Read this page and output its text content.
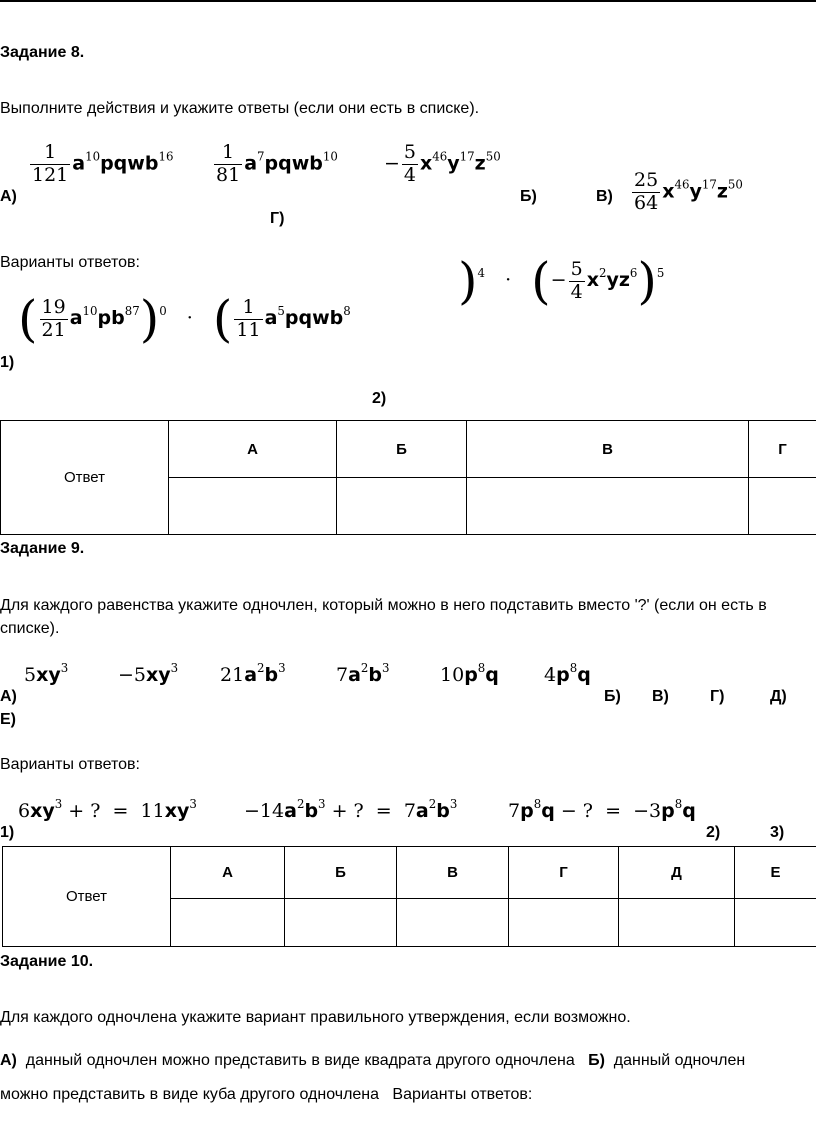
Задание 8.
Выполните действия и укажите ответы (если они есть в списке).
$\frac{1}{121}$ $a^{10}pqwb^{16} \frac{1}{81}$ $a^7pqwb^{10} - \frac{5}{4} x^{46}y^{17}z^{50}$
$\frac{25}{64} x^{46}y^{17}z^{50}$
А)	Б)	В)
Г)
Варианты ответов:	)$^4$ · (− $\frac{5}{4} x^2yz^6)^5$
( $\frac{19}{21} a^{10}pb^{87})^0$ · ( $\frac{1}{11}$ $a^5pqwb^8$
1)
2)
Ответ	А	Б	В	Г

Задание 9.
Для каждого равенства укажите одночлен, который можно в него подставить вместо '?' (если он есть в
списке).
$5xy^3$	$-5xy^3$ $21a^2b^3$	$7a^2b^3$	$10p^8q$ $4p^8q$
А)	Б) В)	Г)	Д)
Е)
Варианты ответов:
$6xy^3$ + ?  =  $11xy^3 -14a^2b^3$ + ?  =  $7a^2b^3$	$7p^8q$ − ?  =  $-3p^8q$
1)	2)	3)
Ответ	А	Б	В	Г	Д	Е

Задание 10.
Для каждого одночлена укажите вариант правильного утверждения, если возможно.
А) данный одночлен можно представить в виде квадрата другого одночлена Б) данный одночлен
можно представить в виде куба другого одночлена Варианты ответов:
